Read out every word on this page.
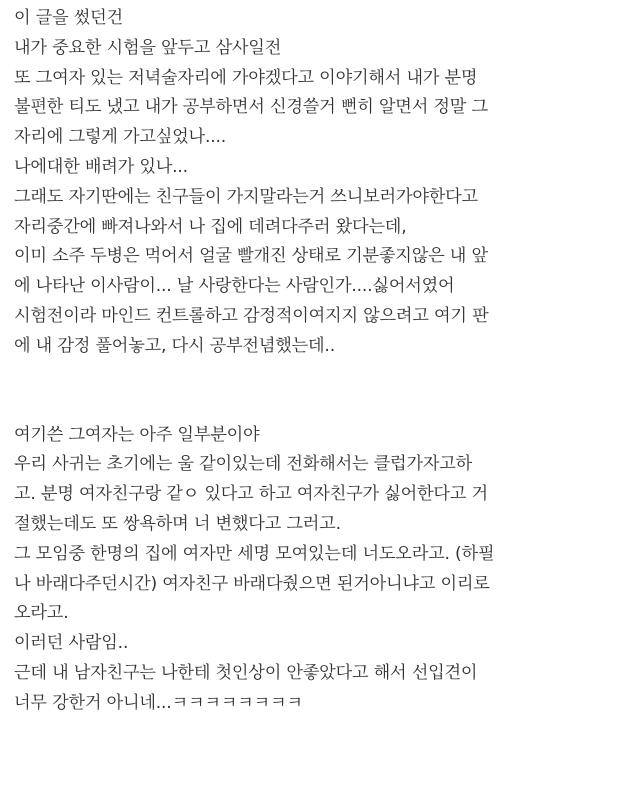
이 글을 썼던건
내가 중요한 시험을 앞두고 삼사일전
또 그여자 있는 저녁술자리에 가야겠다고 이야기해서 내가 분명
불편한 티도 냈고 내가 공부하면서 신경쓸거 뻔히 알면서 정말 그
자리에 그렇게 가고싶었나....
나에대한 배려가 있나...
그래도 자기딴에는 친구들이 가지말라는거 쓰니보러가야한다고
자리중간에 빠져나와서 나 집에 데려다주러 왔다는데,
이미 소주 두병은 먹어서 얼굴 빨개진 상태로 기분좋지않은 내 앞
에 나타난 이사람이... 날 사랑한다는 사람인가....싫어서였어
시험전이라 마인드 컨트롤하고 감정적이여지지 않으려고 여기 판
에 내 감정 풀어놓고, 다시 공부전념했는데..
여기쓴 그여자는 아주 일부분이야
우리 사귀는 초기에는 울 같이있는데 전화해서는 클럽가자고하
고. 분명 여자친구랑 같ㅇ 있다고 하고 여자친구가 싫어한다고 거
절했는데도 또 쌍욕하며 너 변했다고 그러고.
그 모임중 한명의 집에 여자만 세명 모여있는데 너도오라고. (하필
나 바래다주던시간) 여자친구 바래다줬으면 된거아니냐고 이리로
오라고.
이러던 사람임..
근데 내 남자친구는 나한테 첫인상이 안좋았다고 해서 선입견이
너무 강한거 아니네...ㅋㅋㅋㅋㅋㅋㅋㅋ
